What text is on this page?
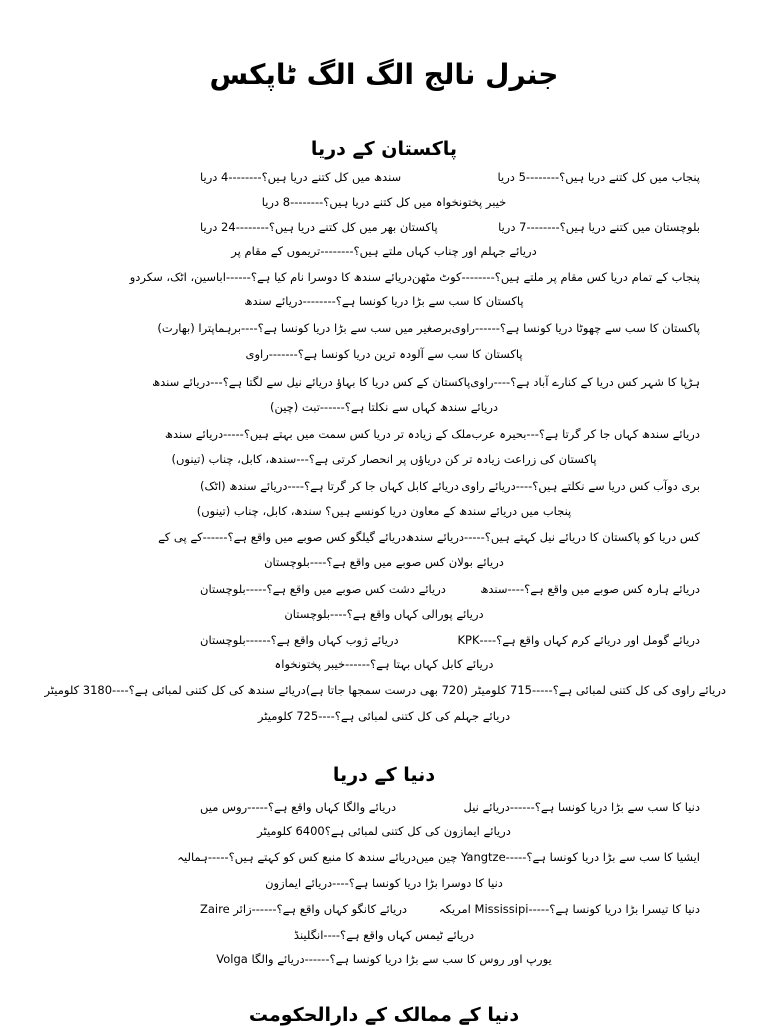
جنرل نالج الگ الگ ٹاپکس
پاکستان کے دریا
پنجاب میں کل کتنے دریا ہیں؟--------5 دریا
سندھ میں کل کتنے دریا ہیں؟--------4 دریا
خیبر پختونخواہ میں کل کتنے دریا ہیں؟--------8 دریا
بلوچستان میں کتنے دریا ہیں؟--------7 دریا
پاکستان بھر میں کل کتنے دریا ہیں؟--------24 دریا
دریائے جہلم اور چناب کہاں ملتے ہیں؟--------تریموں کے مقام پر
پنجاب کے تمام دریا کس مقام پر ملتے ہیں؟--------کوٹ مٹھن
دریائے سندھ کا دوسرا نام کیا ہے؟------اباسین، اٹک، سکردو
پاکستان کا سب سے بڑا دریا کونسا ہے؟--------دریائے سندھ
پاکستان کا سب سے چھوٹا دریا کونسا ہے؟------راوی
برصغیر میں سب سے بڑا دریا کونسا ہے؟----برہماپترا (بھارت)
پاکستان کا سب سے آلودہ ترین دریا کونسا ہے؟-------راوی
ہڑپا کا شہر کس دریا کے کنارے آباد ہے؟----راوی
پاکستان کے کس دریا کا بہاؤ دریائے نیل سے لگتا ہے؟---دریائے سندھ
دریائے سندھ کہاں سے نکلتا ہے؟------تبت (چین)
دریائے سندھ کہاں جا کر گرتا ہے؟---بحیرہ عرب
ملک کے زیادہ تر دریا کس سمت میں بہتے ہیں؟-----دریائے سندھ
پاکستان کی زراعت زیادہ تر کن دریاؤں پر انحصار کرتی ہے؟---سندھ، کابل، چناب (تینوں)
بری دوآب کس دریا سے نکلتے ہیں؟----دریائے راوی
دریائے کابل کہاں جا کر گرتا ہے؟----دریائے سندھ (اٹک)
پنجاب میں دریائے سندھ کے معاون دریا کونسے ہیں؟ سندھ، کابل، چناب (تینوں)
کس دریا کو پاکستان کا دریائے نیل کہتے ہیں؟-----دریائے سندھ
دریائے گیلگو کس صوبے میں واقع ہے؟------کے پی کے
دریائے بولان کس صوبے میں واقع ہے؟----بلوچستان
دریائے ہارہ کس صوبے میں واقع ہے؟----سندھ
دریائے دشت کس صوبے میں واقع ہے؟-----بلوچستان
دریائے پورالی کہاں واقع ہے؟----بلوچستان
دریائے گومل اور دریائے کرم کہاں واقع ہے؟----KPK
دریائے ژوب کہاں واقع ہے؟------بلوچستان
دریائے کابل کہاں بہتا ہے؟------خیبر پختونخواہ
دریائے راوی کی کل کتنی لمبائی ہے؟-----715 کلومیٹر (720 بھی درست سمجھا جاتا ہے)
دریائے سندھ کی کل کتنی لمبائی ہے؟----3180 کلومیٹر
دریائے جہلم کی کل کتنی لمبائی ہے؟----725 کلومیٹر
دنیا کے دریا
دنیا کا سب سے بڑا دریا کونسا ہے؟------دریائے نیل
دریائے والگا کہاں واقع ہے؟-----روس میں
دریائے ایمازون کی کل کتنی لمبائی ہے؟6400 کلومیٹر
ایشیا کا سب سے بڑا دریا کونسا ہے؟-----Yangtze چین میں
دریائے سندھ کا منبع کس کو کہتے ہیں؟-----ہمالیہ
دنیا کا دوسرا بڑا دریا کونسا ہے؟----دریائے ایمازون
دنیا کا تیسرا بڑا دریا کونسا ہے؟-----Mississipi امریکہ
دریائے کانگو کہاں واقع ہے؟------زائر Zaire
دریائے ٹیمس کہاں واقع ہے؟----انگلینڈ
یورپ اور روس کا سب سے بڑا دریا کونسا ہے؟------دریائے والگا Volga
دنیا کے ممالک کے دارالحکومت
